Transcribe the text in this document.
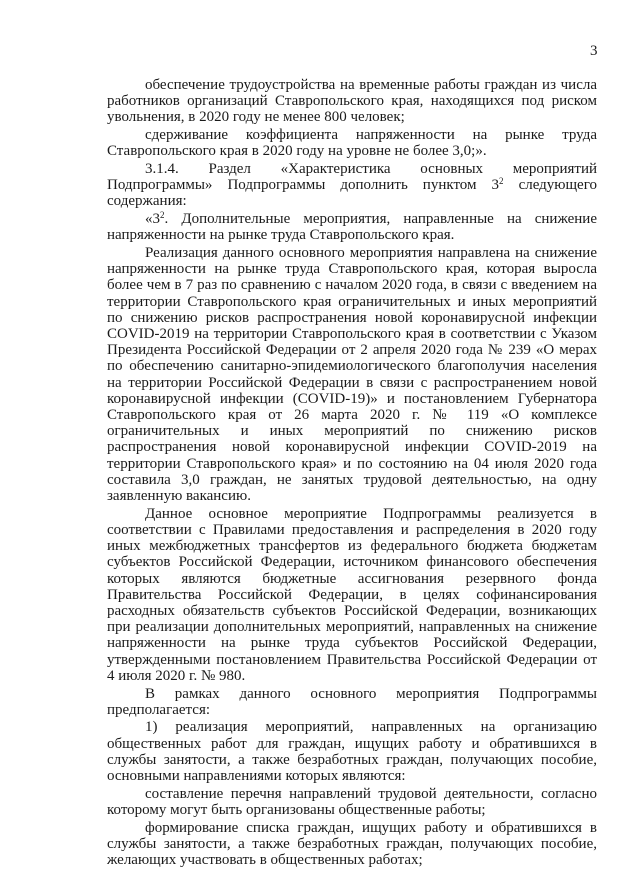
3

обеспечение трудоустройства на временные работы граждан из числа работников организаций Ставропольского края, находящихся под риском увольнения, в 2020 году не менее 800 человек;

сдерживание коэффициента напряженности на рынке труда Ставропольского края в 2020 году на уровне не более 3,0;».

3.1.4. Раздел «Характеристика основных мероприятий Подпрограммы» Подпрограммы дополнить пунктом $3^2$ следующего содержания:

«$3^2$. Дополнительные мероприятия, направленные на снижение напряженности на рынке труда Ставропольского края.

Реализация данного основного мероприятия направлена на снижение напряженности на рынке труда Ставропольского края, которая выросла более чем в 7 раз по сравнению с началом 2020 года, в связи с введением на территории Ставропольского края ограничительных и иных мероприятий по снижению рисков распространения новой коронавирусной инфекции COVID-2019 на территории Ставропольского края в соответствии с Указом Президента Российской Федерации от 2 апреля 2020 года № 239 «О мерах по обеспечению санитарно-эпидемиологического благополучия населения на территории Российской Федерации в связи с распространением новой коронавирусной инфекции (COVID-19)» и постановлением Губернатора Ставропольского края от 26 марта 2020 г. № 119 «О комплексе ограничительных и иных мероприятий по снижению рисков распространения новой коронавирусной инфекции COVID-2019 на территории Ставропольского края» и по состоянию на 04 июля 2020 года составила 3,0 граждан, не занятых трудовой деятельностью, на одну заявленную вакансию.

Данное основное мероприятие Подпрограммы реализуется в соответствии с Правилами предоставления и распределения в 2020 году иных межбюджетных трансфертов из федерального бюджета бюджетам субъектов Российской Федерации, источником финансового обеспечения которых являются бюджетные ассигнования резервного фонда Правительства Российской Федерации, в целях софинансирования расходных обязательств субъектов Российской Федерации, возникающих при реализации дополнительных мероприятий, направленных на снижение напряженности на рынке труда субъектов Российской Федерации, утвержденными постановлением Правительства Российской Федерации от 4 июля 2020 г. № 980.

В рамках данного основного мероприятия Подпрограммы предполагается:

1) реализация мероприятий, направленных на организацию общественных работ для граждан, ищущих работу и обратившихся в службы занятости, а также безработных граждан, получающих пособие, основными направлениями которых являются:

составление перечня направлений трудовой деятельности, согласно которому могут быть организованы общественные работы;

формирование списка граждан, ищущих работу и обратившихся в службы занятости, а также безработных граждан, получающих пособие, желающих участвовать в общественных работах;
